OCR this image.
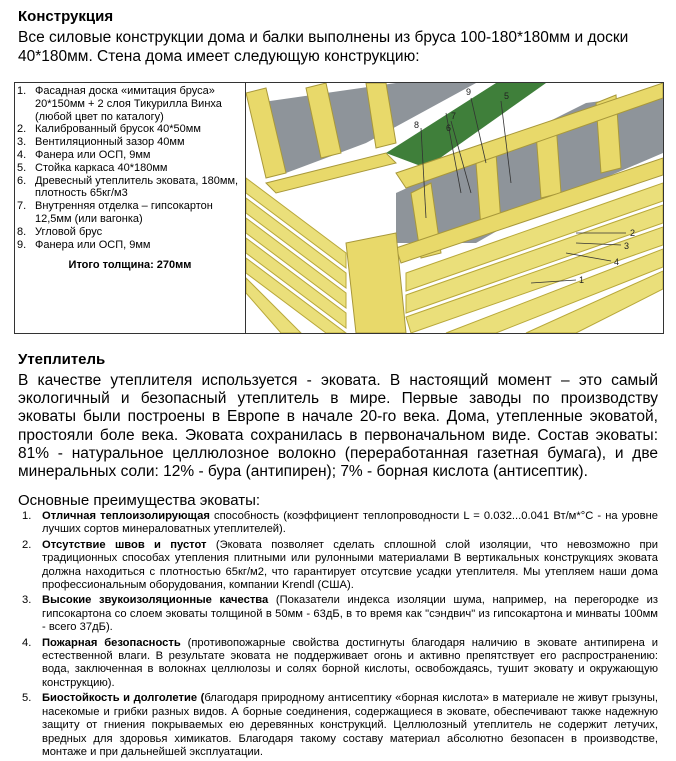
Конструкция
Все силовые конструкции дома и балки выполнены из бруса 100-180*180мм и доски 40*180мм. Стена дома имеет следующую конструкцию:
1. Фасадная доска «имитация бруса» 20*150мм + 2 слоя Тикурилла Винха (любой цвет по каталогу)
2. Калиброванный брусок 40*50мм
3. Вентиляционный зазор 40мм
4. Фанера или ОСП, 9мм
5. Стойка каркаса 40*180мм
6. Древесный утеплитель эковата, 180мм, плотность 65кг/м3
7. Внутренняя отделка – гипсокартон 12,5мм (или вагонка)
8. Угловой брус
9. Фанера или ОСП, 9мм
Итого толщина: 270мм
1
2
3
4
5
6
7
8
9
Утеплитель
В качестве утеплителя используется - эковата. В настоящий момент – это самый экологичный и безопасный утеплитель в мире. Первые заводы по производству эковаты были построены в Европе в начале 20-го века. Дома, утепленные эковатой, простояли боле века. Эковата сохранилась в первоначальном виде. Состав эковаты: 81% - натуральное целлюлозное волокно (переработанная газетная бумага), и две минеральных соли: 12% - бура (антипирен); 7% - борная кислота (антисептик).
Основные преимущества эковаты:
1. Отличная теплоизолирующая способность (коэффициент теплопроводности L = 0.032...0.041 Вт/м*°С - на уровне лучших сортов минераловатных утеплителей).
2. Отсутствие швов и пустот (Эковата позволяет сделать сплошной слой изоляции, что невозможно при традиционных способах утепления плитными или рулонными материалами В вертикальных конструкциях эковата должна находиться с плотностью 65кг/м2, что гарантирует отсутсвие усадки утеплителя. Мы утепляем наши дома профессиональным оборудования, компании Krendl (США).
3. Высокие звукоизоляционные качества (Показатели индекса изоляции шума, например, на перегородке из гипсокартона со слоем эковаты толщиной в 50мм - 63дБ, в то время как "сэндвич" из гипсокартона и минваты 100мм - всего 37дБ).
4. Пожарная безопасность (противопожарные свойства достигнуты благодаря наличию в эковате антипирена и естественной влаги. В результате эковата не поддерживает огонь и активно препятствует его распространению: вода, заключенная в волокнах целлюлозы и солях борной кислоты, освобождаясь, тушит эковату и окружающую конструкцию).
5. Биостойкость и долголетие (благодаря природному антисептику «борная кислота» в материале не живут грызуны, насекомые и грибки разных видов. А борные соединения, содержащиеся в эковате, обеспечивают также надежную защиту от гниения покрываемых ею деревянных конструкций. Целлюлозный утеплитель не содержит летучих, вредных для здоровья химикатов. Благодаря такому составу материал абсолютно безопасен в производстве, монтаже и при дальнейшей эксплуатации.
